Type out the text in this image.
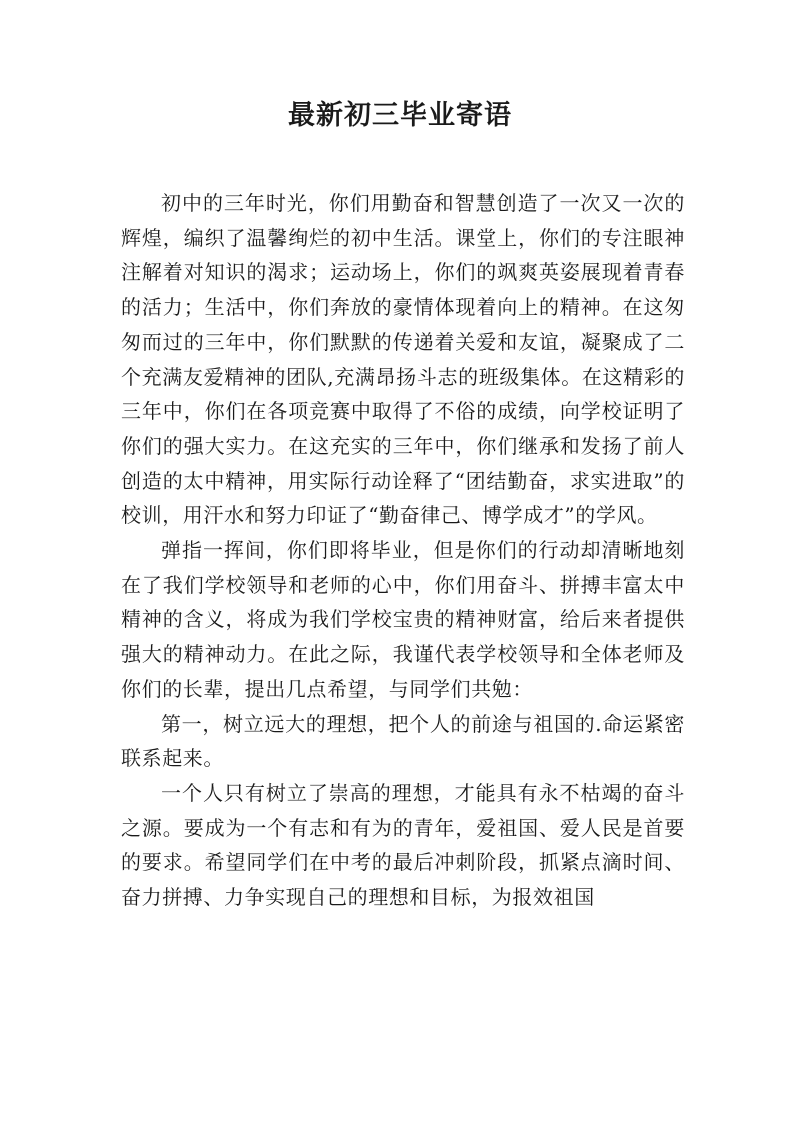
最新初三毕业寄语

初中的三年时光，你们用勤奋和智慧创造了一次又一次的辉煌，编织了温馨绚烂的初中生活。课堂上，你们的专注眼神注解着对知识的渴求；运动场上，你们的飒爽英姿展现着青春的活力；生活中，你们奔放的豪情体现着向上的精神。在这匆匆而过的三年中，你们默默的传递着关爱和友谊，凝聚成了二个充满友爱精神的团队,充满昂扬斗志的班级集体。在这精彩的三年中，你们在各项竞赛中取得了不俗的成绩，向学校证明了你们的强大实力。在这充实的三年中，你们继承和发扬了前人创造的太中精神，用实际行动诠释了“团结勤奋，求实进取”的校训，用汗水和努力印证了“勤奋律己、博学成才”的学风。

弹指一挥间，你们即将毕业，但是你们的行动却清晰地刻在了我们学校领导和老师的心中，你们用奋斗、拼搏丰富太中精神的含义，将成为我们学校宝贵的精神财富，给后来者提供强大的精神动力。在此之际，我谨代表学校领导和全体老师及你们的长辈，提出几点希望，与同学们共勉：

第一，树立远大的理想，把个人的前途与祖国的.命运紧密联系起来。

一个人只有树立了崇高的理想，才能具有永不枯竭的奋斗之源。要成为一个有志和有为的青年，爱祖国、爱人民是首要的要求。希望同学们在中考的最后冲刺阶段，抓紧点滴时间、奋力拼搏、力争实现自己的理想和目标，为报效祖国
